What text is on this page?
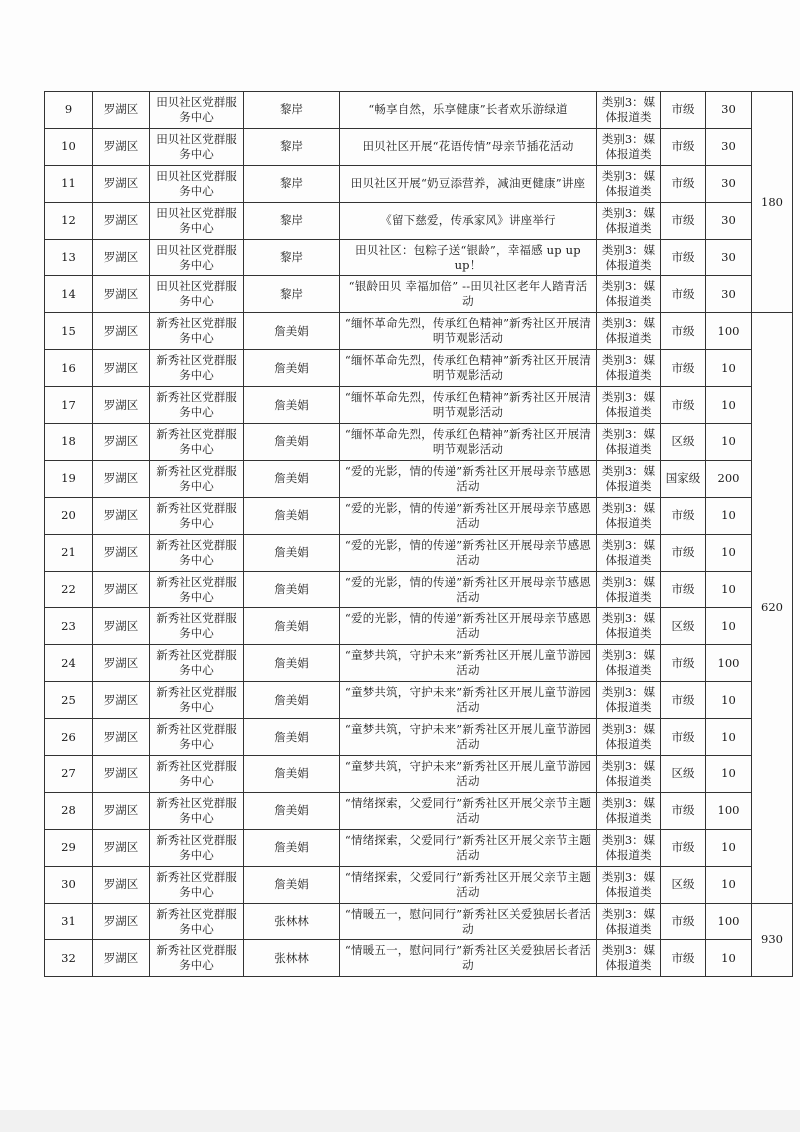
9	罗湖区	田贝社区党群服务中心	黎岸	“畅享自然，乐享健康”长者欢乐游绿道	类别3：媒体报道类	市级	30	180
10	罗湖区	田贝社区党群服务中心	黎岸	田贝社区开展“花语传情”母亲节插花活动	类别3：媒体报道类	市级	30	
11	罗湖区	田贝社区党群服务中心	黎岸	田贝社区开展“奶豆添营养，减油更健康”讲座	类别3：媒体报道类	市级	30	
12	罗湖区	田贝社区党群服务中心	黎岸	《留下慈爱，传承家风》讲座举行	类别3：媒体报道类	市级	30	
13	罗湖区	田贝社区党群服务中心	黎岸	田贝社区：包粽子送“银龄”，幸福感 up up up！	类别3：媒体报道类	市级	30	
14	罗湖区	田贝社区党群服务中心	黎岸	“银龄田贝 幸福加倍” --田贝社区老年人踏青活动	类别3：媒体报道类	市级	30	
15	罗湖区	新秀社区党群服务中心	詹美娟	“缅怀革命先烈，传承红色精神”新秀社区开展清明节观影活动	类别3：媒体报道类	市级	100	620
16	罗湖区	新秀社区党群服务中心	詹美娟	“缅怀革命先烈，传承红色精神”新秀社区开展清明节观影活动	类别3：媒体报道类	市级	10	
17	罗湖区	新秀社区党群服务中心	詹美娟	“缅怀革命先烈，传承红色精神”新秀社区开展清明节观影活动	类别3：媒体报道类	市级	10	
18	罗湖区	新秀社区党群服务中心	詹美娟	“缅怀革命先烈，传承红色精神”新秀社区开展清明节观影活动	类别3：媒体报道类	区级	10	
19	罗湖区	新秀社区党群服务中心	詹美娟	“爱的光影，情的传递”新秀社区开展母亲节感恩活动	类别3：媒体报道类	国家级	200	
20	罗湖区	新秀社区党群服务中心	詹美娟	“爱的光影，情的传递”新秀社区开展母亲节感恩活动	类别3：媒体报道类	市级	10	
21	罗湖区	新秀社区党群服务中心	詹美娟	“爱的光影，情的传递”新秀社区开展母亲节感恩活动	类别3：媒体报道类	市级	10	
22	罗湖区	新秀社区党群服务中心	詹美娟	“爱的光影，情的传递”新秀社区开展母亲节感恩活动	类别3：媒体报道类	市级	10	
23	罗湖区	新秀社区党群服务中心	詹美娟	“爱的光影，情的传递”新秀社区开展母亲节感恩活动	类别3：媒体报道类	区级	10	
24	罗湖区	新秀社区党群服务中心	詹美娟	“童梦共筑，守护未来”新秀社区开展儿童节游园活动	类别3：媒体报道类	市级	100	
25	罗湖区	新秀社区党群服务中心	詹美娟	“童梦共筑，守护未来”新秀社区开展儿童节游园活动	类别3：媒体报道类	市级	10	
26	罗湖区	新秀社区党群服务中心	詹美娟	“童梦共筑，守护未来”新秀社区开展儿童节游园活动	类别3：媒体报道类	市级	10	
27	罗湖区	新秀社区党群服务中心	詹美娟	“童梦共筑，守护未来”新秀社区开展儿童节游园活动	类别3：媒体报道类	区级	10	
28	罗湖区	新秀社区党群服务中心	詹美娟	“情绪探索，父爱同行”新秀社区开展父亲节主题活动	类别3：媒体报道类	市级	100	
29	罗湖区	新秀社区党群服务中心	詹美娟	“情绪探索，父爱同行”新秀社区开展父亲节主题活动	类别3：媒体报道类	市级	10	
30	罗湖区	新秀社区党群服务中心	詹美娟	“情绪探索，父爱同行”新秀社区开展父亲节主题活动	类别3：媒体报道类	区级	10	
31	罗湖区	新秀社区党群服务中心	张林林	“情暖五一，慰问同行”新秀社区关爱独居长者活动	类别3：媒体报道类	市级	100	930
32	罗湖区	新秀社区党群服务中心	张林林	“情暖五一，慰问同行”新秀社区关爱独居长者活动	类别3：媒体报道类	市级	10	
